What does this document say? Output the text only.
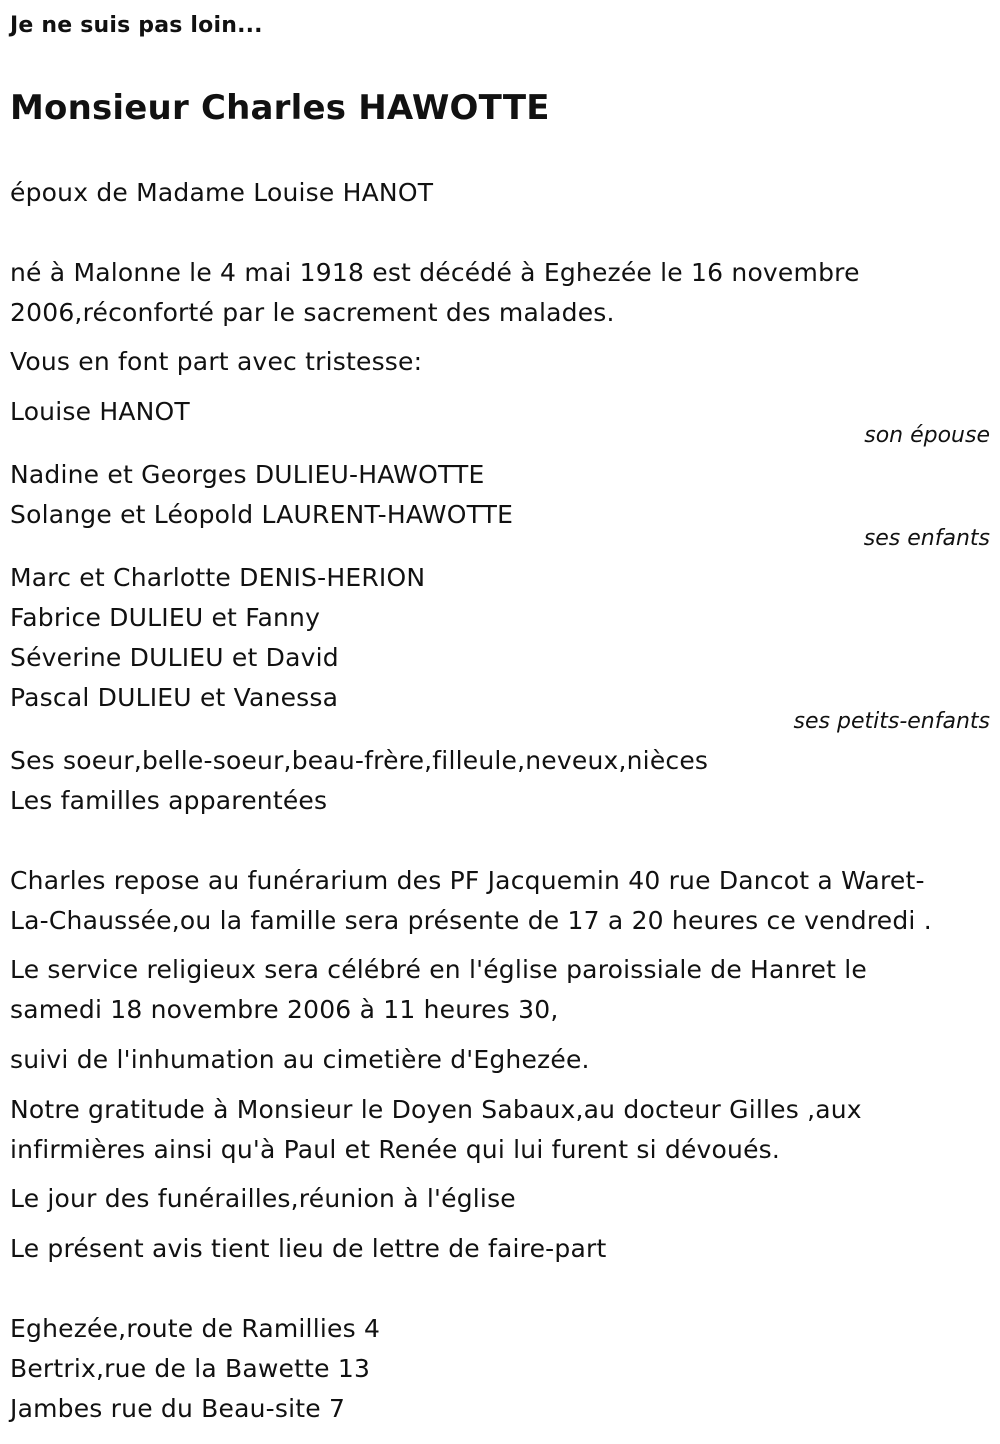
Je ne suis pas loin...
Monsieur Charles HAWOTTE
époux de Madame Louise HANOT
né à Malonne le 4 mai 1918 est décédé à Eghezée le 16 novembre
2006,réconforté par le sacrement des malades.
Vous en font part avec tristesse:
Louise HANOT
son épouse
Nadine et Georges DULIEU-HAWOTTE
Solange et Léopold LAURENT-HAWOTTE
ses enfants
Marc et Charlotte DENIS-HERION
Fabrice DULIEU et Fanny
Séverine DULIEU et David
Pascal DULIEU et Vanessa
ses petits-enfants
Ses soeur,belle-soeur,beau-frère,filleule,neveux,nièces
Les familles apparentées
Charles repose au funérarium des PF Jacquemin 40 rue Dancot a Waret-
La-Chaussée,ou la famille sera présente de 17 a 20 heures ce vendredi .
Le service religieux sera célébré en l'église paroissiale de Hanret le
samedi 18 novembre 2006 à 11 heures 30,
suivi de l'inhumation au cimetière d'Eghezée.
Notre gratitude à Monsieur le Doyen Sabaux,au docteur Gilles ,aux
infirmières ainsi qu'à Paul et Renée qui lui furent si dévoués.
Le jour des funérailles,réunion à l'église
Le présent avis tient lieu de lettre de faire-part
Eghezée,route de Ramillies 4
Bertrix,rue de la Bawette 13
Jambes rue du Beau-site 7
